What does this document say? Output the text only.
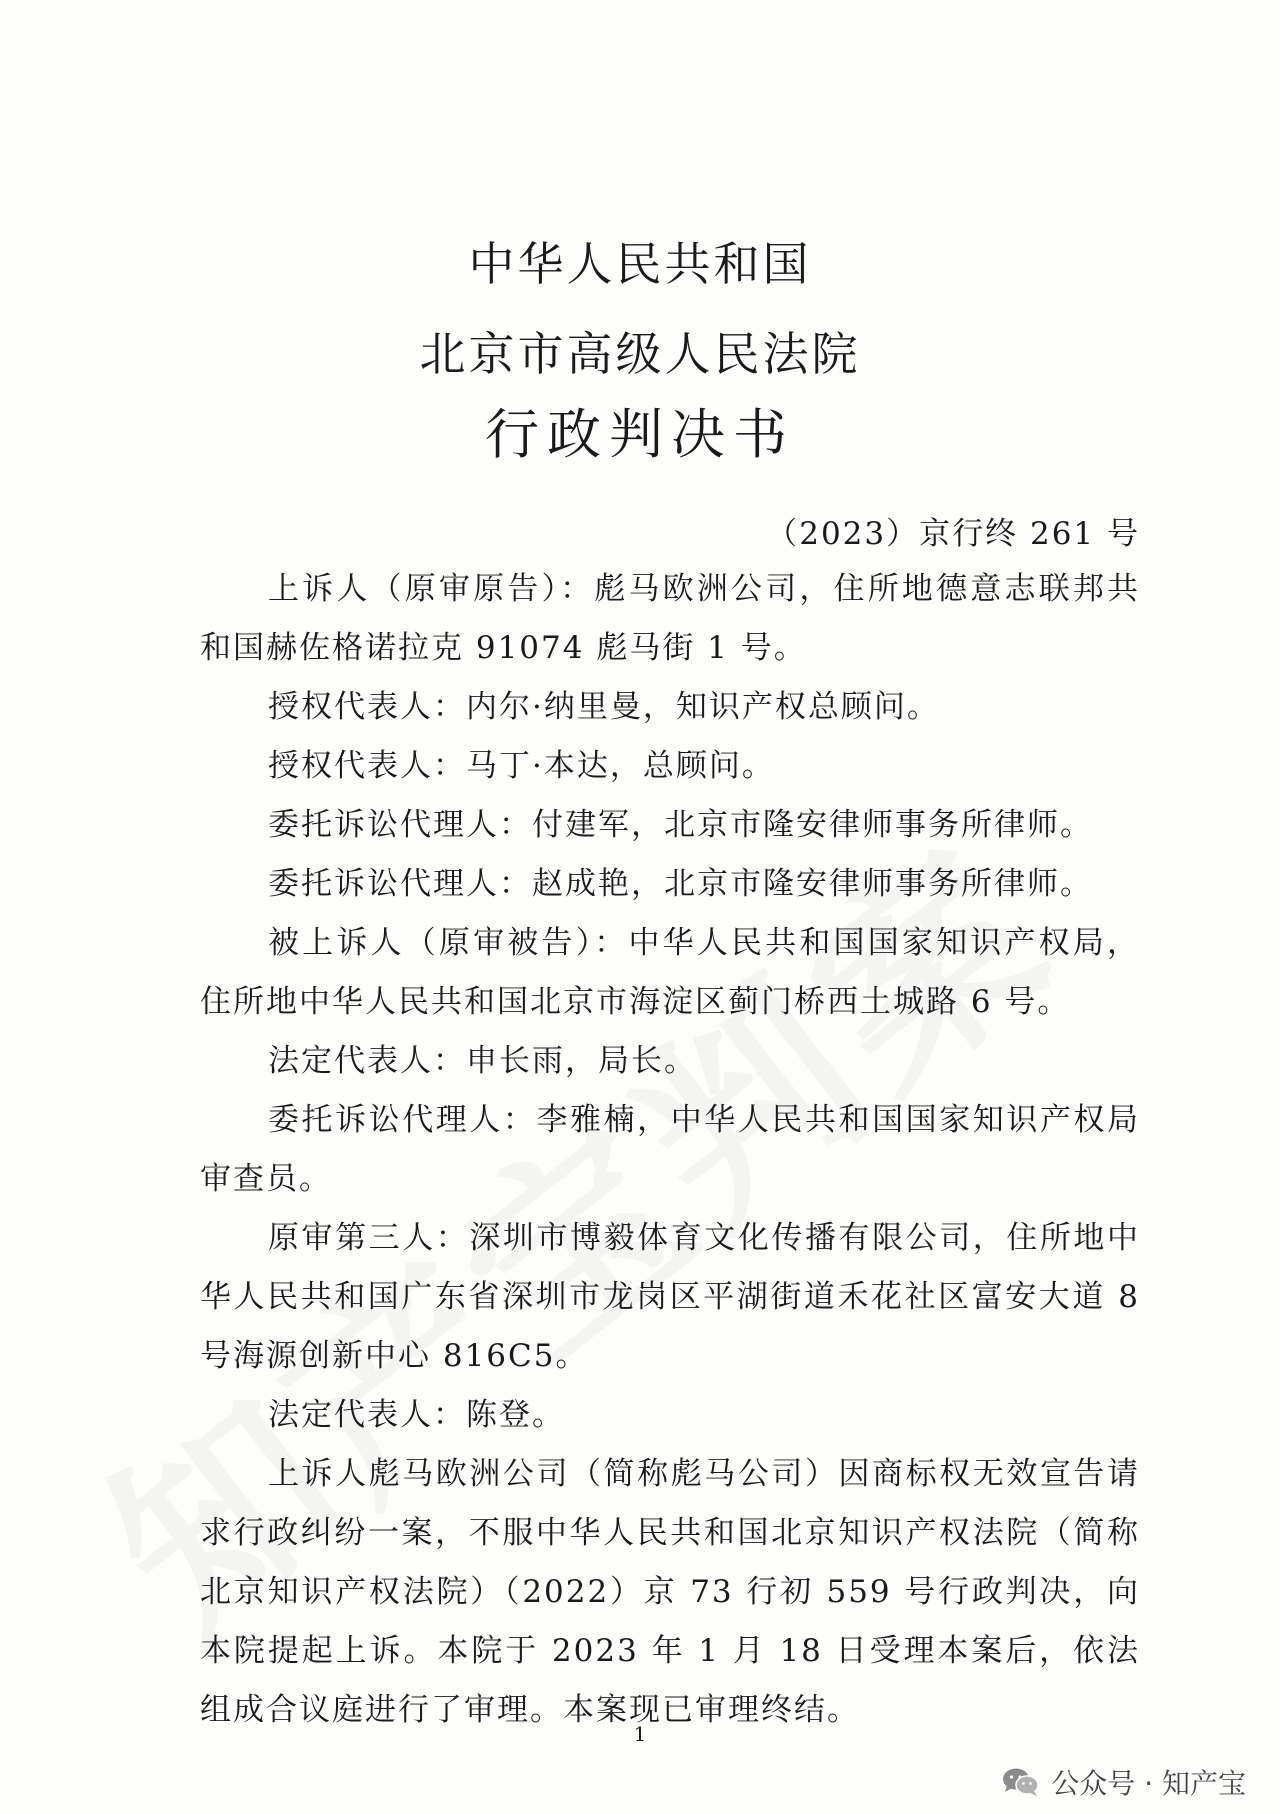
中华人民共和国
北京市高级人民法院
行政判决书
（2023）京行终 261 号

上诉人（原审原告）：彪马欧洲公司，住所地德意志联邦共和国赫佐格诺拉克 91074 彪马街 1 号。

授权代表人：内尔·纳里曼，知识产权总顾问。

授权代表人：马丁·本达，总顾问。

委托诉讼代理人：付建军，北京市隆安律师事务所律师。

委托诉讼代理人：赵成艳，北京市隆安律师事务所律师。

被上诉人（原审被告）：中华人民共和国国家知识产权局，住所地中华人民共和国北京市海淀区蓟门桥西土城路 6 号。

法定代表人：申长雨，局长。

委托诉讼代理人：李雅楠，中华人民共和国国家知识产权局审查员。

原审第三人：深圳市博毅体育文化传播有限公司，住所地中华人民共和国广东省深圳市龙岗区平湖街道禾花社区富安大道 8 号海源创新中心 816C5。

法定代表人：陈登。

上诉人彪马欧洲公司（简称彪马公司）因商标权无效宣告请求行政纠纷一案，不服中华人民共和国北京知识产权法院（简称北京知识产权法院）（2022）京 73 行初 559 号行政判决，向本院提起上诉。本院于 2023 年 1 月 18 日受理本案后，依法组成合议庭进行了审理。本案现已审理终结。

1
公众号 · 知产宝
